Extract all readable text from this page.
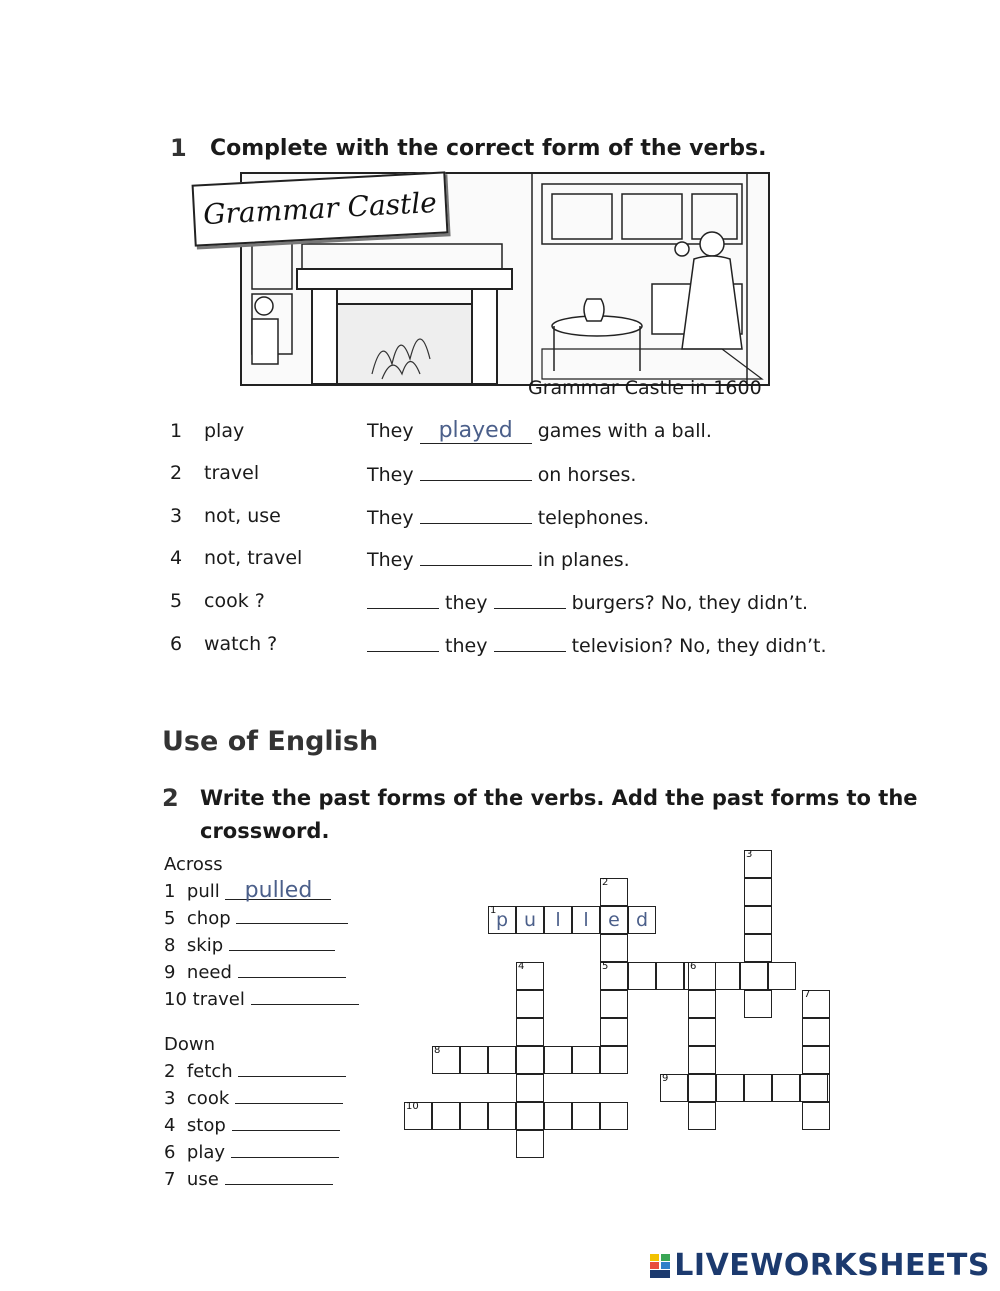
1 Complete with the correct form of the verbs.
Grammar Castle
Grammar Castle in 1600
1 play	They played games with a ball.
2 travel	They	on horses.
3 not, use	They	telephones.
4 not, travel	They	in planes.
5 cook ?	they	burgers? No, they didn’t.
6 watch ?	they	television? No, they didn’t.
Use of English
2 Write the past forms of the verbs. Add the past forms to the
crossword.
Across
1 pull pulled
5 chop
8 skip
9 need
10 travel
Down
2 fetch
3 cook
4 stop
6 play
7 use
p
1	u	l	l	e d
2
5
3
4	6
7
8
9
10
LIVEWORKSHEETS
